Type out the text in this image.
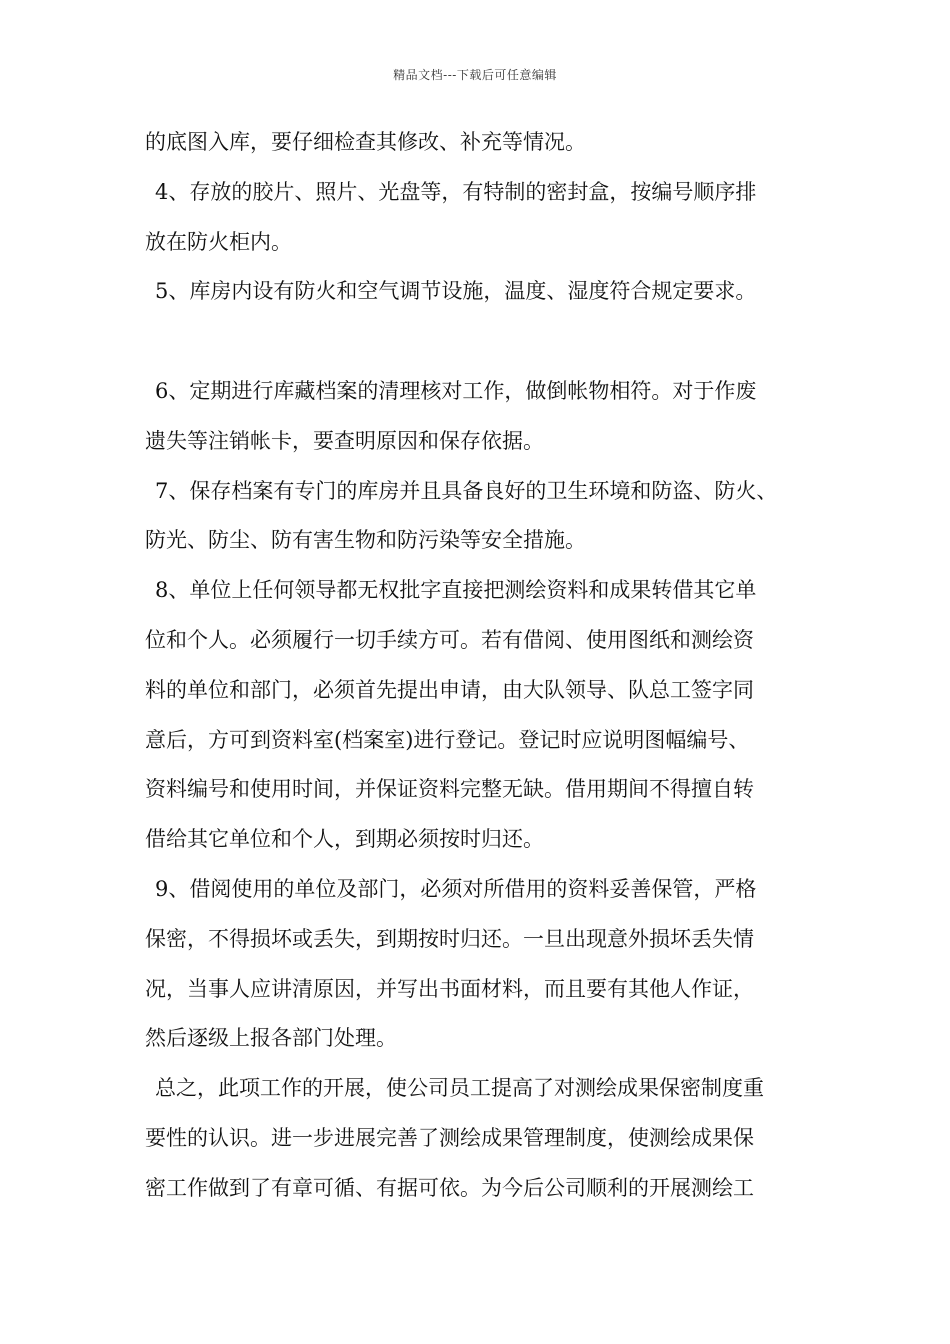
精品文档---下载后可任意编辑
的底图入库，要仔细检查其修改、补充等情况。
4、存放的胶片、照片、光盘等，有特制的密封盒，按编号顺序排
放在防火柜内。
5、库房内设有防火和空气调节设施，温度、湿度符合规定要求。
6、定期进行库藏档案的清理核对工作，做倒帐物相符。对于作废
遗失等注销帐卡，要查明原因和保存依据。
7、保存档案有专门的库房并且具备良好的卫生环境和防盗、防火、
防光、防尘、防有害生物和防污染等安全措施。
8、单位上任何领导都无权批字直接把测绘资料和成果转借其它单
位和个人。必须履行一切手续方可。若有借阅、使用图纸和测绘资
料的单位和部门，必须首先提出申请，由大队领导、队总工签字同
意后，方可到资料室(档案室)进行登记。登记时应说明图幅编号、
资料编号和使用时间，并保证资料完整无缺。借用期间不得擅自转
借给其它单位和个人，到期必须按时归还。
9、借阅使用的单位及部门，必须对所借用的资料妥善保管，严格
保密，不得损坏或丢失，到期按时归还。一旦出现意外损坏丢失情
况，当事人应讲清原因，并写出书面材料，而且要有其他人作证，
然后逐级上报各部门处理。
总之，此项工作的开展，使公司员工提高了对测绘成果保密制度重
要性的认识。进一步进展完善了测绘成果管理制度，使测绘成果保
密工作做到了有章可循、有据可依。为今后公司顺利的开展测绘工
